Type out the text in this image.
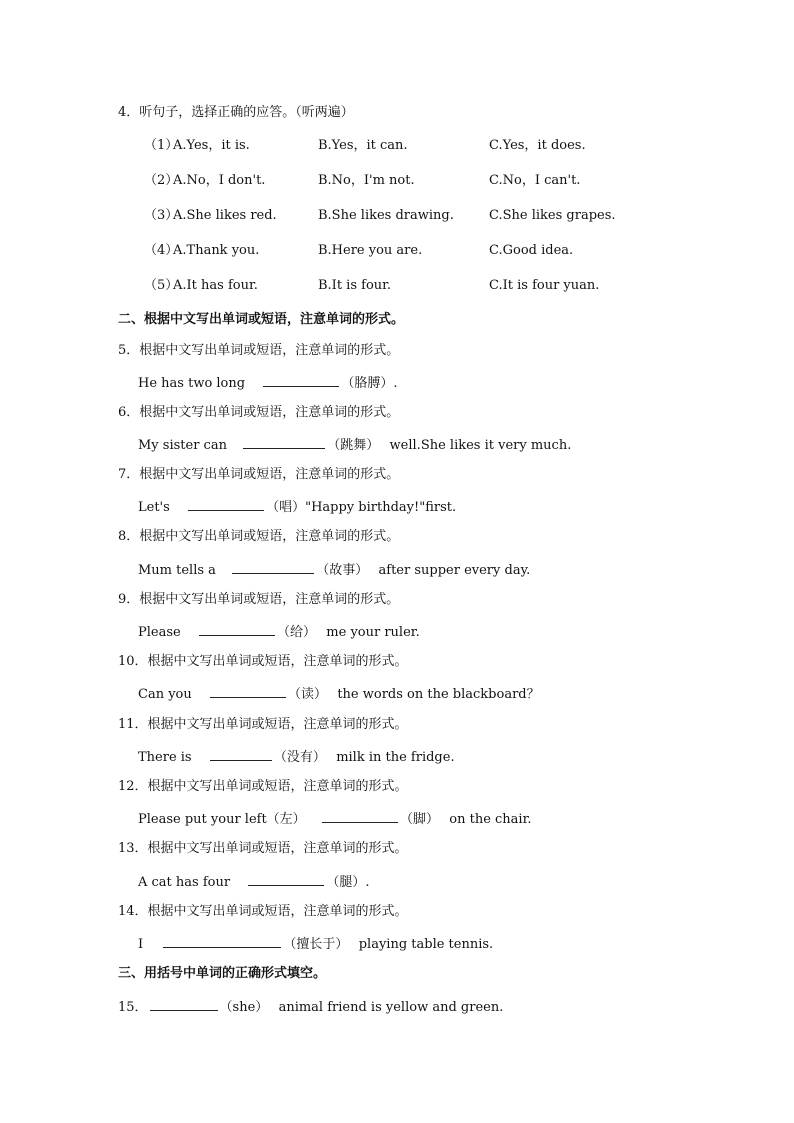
4．听句子，选择正确的应答。（听两遍）
（1）
A.Yes，it is.	B.Yes，it can.	C.Yes，it does.
（2）
A.No，I don't.	B.No，I'm not.	C.No，I can't.
（3）
A.She likes red.	B.She likes drawing.	C.She likes grapes.
（4）
A.Thank you.	B.Here you are.	C.Good idea.
（5）
A.It has four.	B.It is four.	C.It is four yuan.
二、根据中文写出单词或短语，注意单词的形式。
5．根据中文写出单词或短语，注意单词的形式。
He has two long	（胳膊）.
6．根据中文写出单词或短语，注意单词的形式。
My sister can	（跳舞） well.She likes it very much.
7．根据中文写出单词或短语，注意单词的形式。
Let's	（唱）"Happy birthday!"first.
8．根据中文写出单词或短语，注意单词的形式。
Mum tells a	（故事） after supper every day.
9．根据中文写出单词或短语，注意单词的形式。
Please	（给） me your ruler.
10．根据中文写出单词或短语，注意单词的形式。
Can you	（读） the words on the blackboard？
11．根据中文写出单词或短语，注意单词的形式。
There is	（没有） milk in the fridge.
12．根据中文写出单词或短语，注意单词的形式。
Please put your left（左）	（脚） on the chair.
13．根据中文写出单词或短语，注意单词的形式。
A cat has four	（腿）.
14．根据中文写出单词或短语，注意单词的形式。
I	（擅长于） playing table tennis.
三、用括号中单词的正确形式填空。
15．	（she） animal friend is yellow and green.
